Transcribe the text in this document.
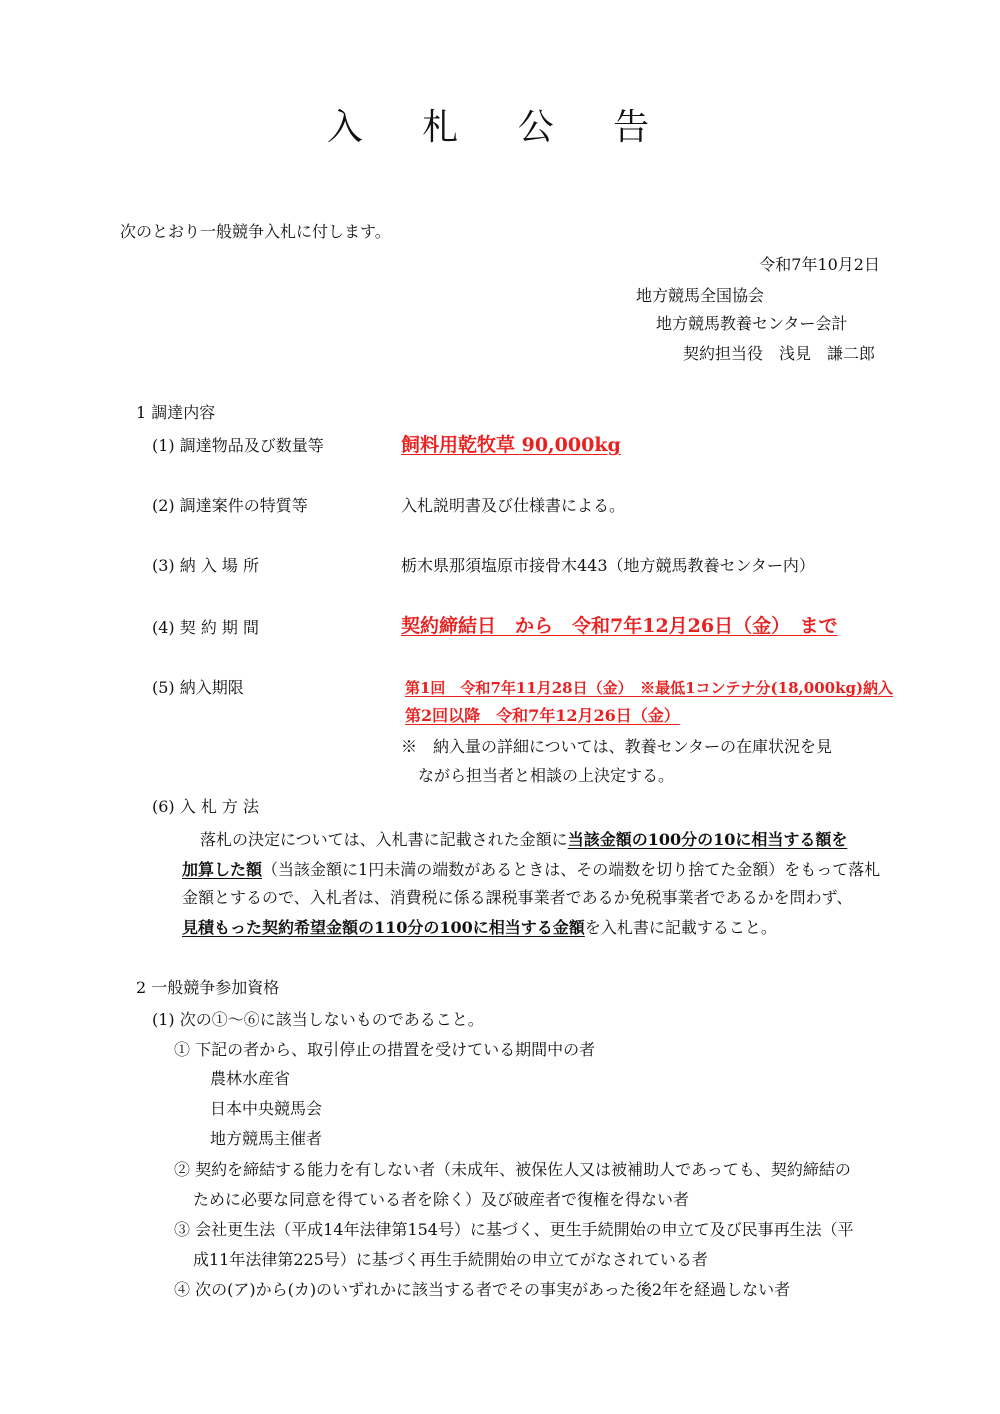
入 札 公 告
次のとおり一般競争入札に付します。
令和7年10月2日
地方競馬全国協会
地方競馬教養センター会計
契約担当役　浅見　謙二郎
1 調達内容
(1) 調達物品及び数量等	飼料用乾牧草 90,000kg
(2) 調達案件の特質等	入札説明書及び仕様書による。
(3) 納 入 場 所	栃木県那須塩原市接骨木443（地方競馬教養センター内）
(4) 契 約 期 間	契約締結日　から　令和7年12月26日（金）　まで
(5) 納入期限	第1回　令和7年11月28日（金）　※最低1コンテナ分(18,000kg)納入
第2回以降　令和7年12月26日（金）
※　納入量の詳細については、教養センターの在庫状況を見
ながら担当者と相談の上決定する。
(6) 入 札 方 法
落札の決定については、入札書に記載された金額に当該金額の100分の10に相当する額を
加算した額（当該金額に1円未満の端数があるときは、その端数を切り捨てた金額）をもって落札
金額とするので、入札者は、消費税に係る課税事業者であるか免税事業者であるかを問わず、
見積もった契約希望金額の110分の100に相当する金額を入札書に記載すること。
2 一般競争参加資格
(1) 次の①～⑥に該当しないものであること。
① 下記の者から、取引停止の措置を受けている期間中の者
農林水産省
日本中央競馬会
地方競馬主催者
② 契約を締結する能力を有しない者（未成年、被保佐人又は被補助人であっても、契約締結の
ために必要な同意を得ている者を除く）及び破産者で復権を得ない者
③ 会社更生法（平成14年法律第154号）に基づく、更生手続開始の申立て及び民事再生法（平
成11年法律第225号）に基づく再生手続開始の申立てがなされている者
④ 次の(ア)から(カ)のいずれかに該当する者でその事実があった後2年を経過しない者
